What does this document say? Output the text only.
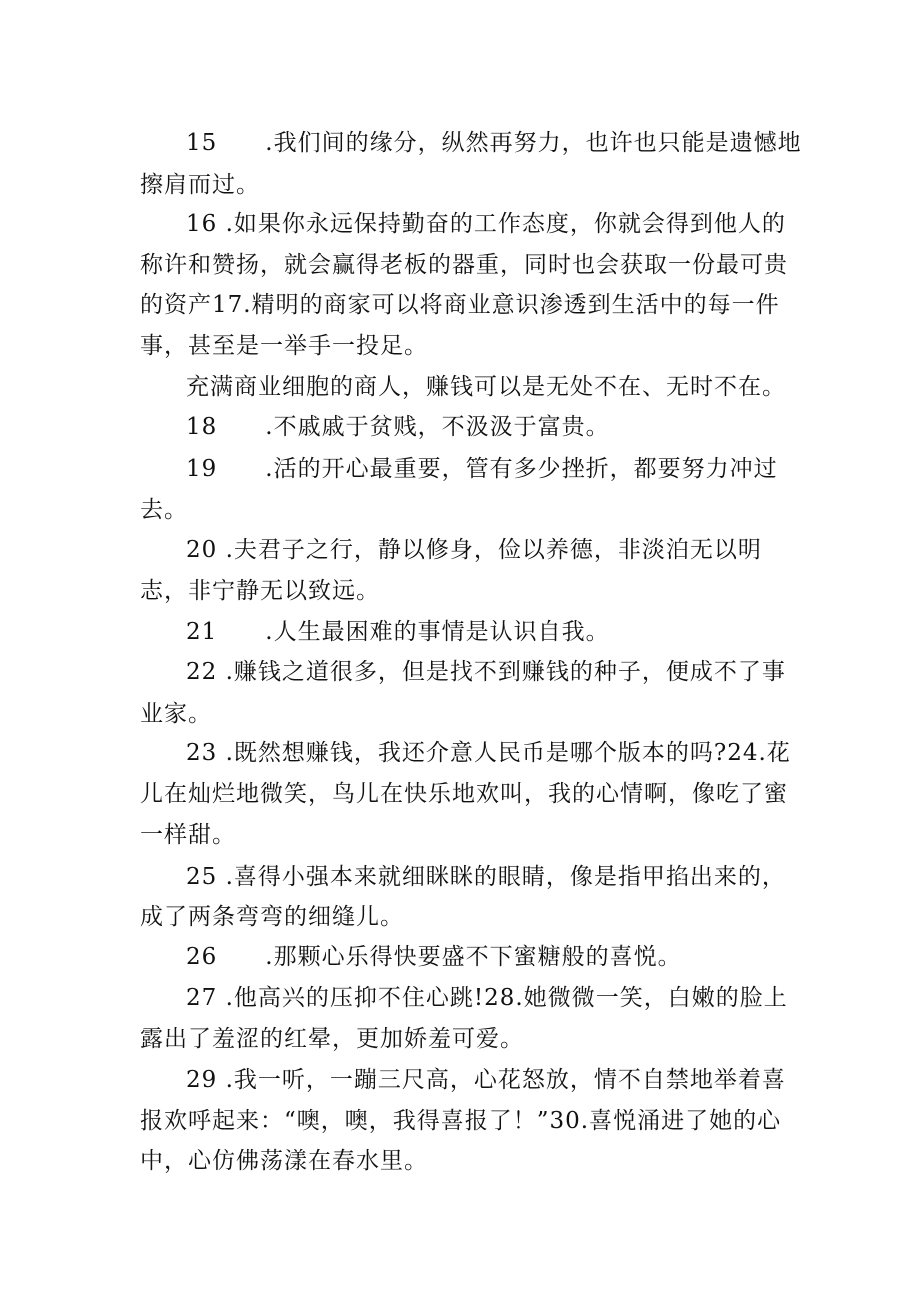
15　　.我们间的缘分，纵然再努力，也许也只能是遗憾地
擦肩而过。
16 .如果你永远保持勤奋的工作态度，你就会得到他人的
称许和赞扬，就会赢得老板的器重，同时也会获取一份最可贵
的资产17.精明的商家可以将商业意识渗透到生活中的每一件
事，甚至是一举手一投足。
充满商业细胞的商人，赚钱可以是无处不在、无时不在。
18　　.不戚戚于贫贱，不汲汲于富贵。
19　　.活的开心最重要，管有多少挫折，都要努力冲过
去。
20 .夫君子之行，静以修身，俭以养德，非淡泊无以明
志，非宁静无以致远。
21　　.人生最困难的事情是认识自我。
22 .赚钱之道很多，但是找不到赚钱的种子，便成不了事
业家。
23 .既然想赚钱，我还介意人民币是哪个版本的吗?24.花
儿在灿烂地微笑，鸟儿在快乐地欢叫，我的心情啊，像吃了蜜
一样甜。
25 .喜得小强本来就细眯眯的眼睛，像是指甲掐出来的，
成了两条弯弯的细缝儿。
26　　.那颗心乐得快要盛不下蜜糖般的喜悦。
27 .他高兴的压抑不住心跳!28.她微微一笑，白嫩的脸上
露出了羞涩的红晕，更加娇羞可爱。
29 .我一听，一蹦三尺高，心花怒放，情不自禁地举着喜
报欢呼起来：“噢，噢，我得喜报了！”30.喜悦涌进了她的心
中，心仿佛荡漾在春水里。
